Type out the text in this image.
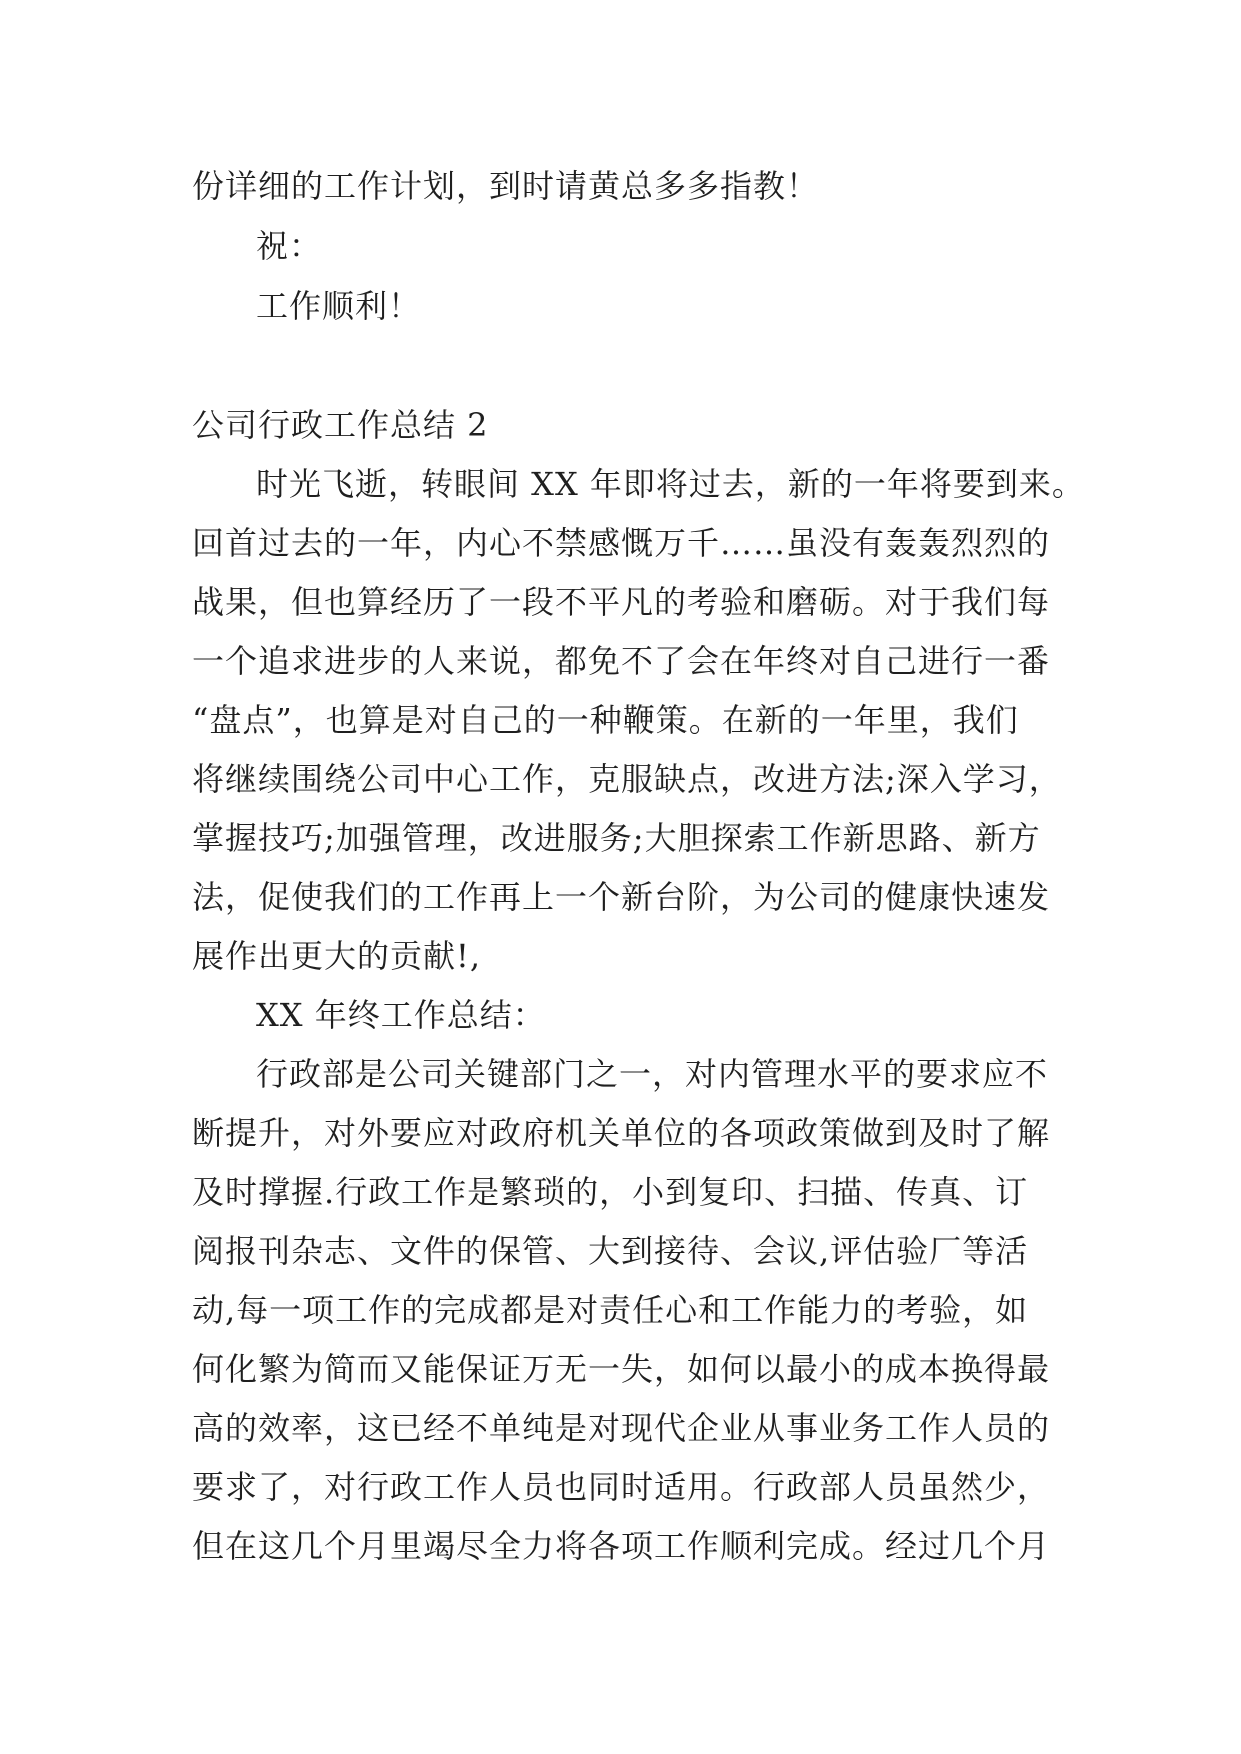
份详细的工作计划，到时请黄总多多指教！
祝：
工作顺利！
公司行政工作总结 2
时光飞逝，转眼间 XX 年即将过去，新的一年将要到来。
回首过去的一年，内心不禁感慨万千……虽没有轰轰烈烈的
战果，但也算经历了一段不平凡的考验和磨砺。对于我们每
一个追求进步的人来说，都免不了会在年终对自己进行一番
“盘点”，也算是对自己的一种鞭策。在新的一年里，我们
将继续围绕公司中心工作，克服缺点，改进方法;深入学习，
掌握技巧;加强管理，改进服务;大胆探索工作新思路、新方
法，促使我们的工作再上一个新台阶，为公司的健康快速发
展作出更大的贡献!,
XX 年终工作总结：
行政部是公司关键部门之一，对内管理水平的要求应不
断提升，对外要应对政府机关单位的各项政策做到及时了解
及时撑握.行政工作是繁琐的，小到复印、扫描、传真、订
阅报刊杂志、文件的保管、大到接待、会议,评估验厂等活
动,每一项工作的完成都是对责任心和工作能力的考验，如
何化繁为简而又能保证万无一失，如何以最小的成本换得最
高的效率，这已经不单纯是对现代企业从事业务工作人员的
要求了，对行政工作人员也同时适用。行政部人员虽然少，
但在这几个月里竭尽全力将各项工作顺利完成。经过几个月
